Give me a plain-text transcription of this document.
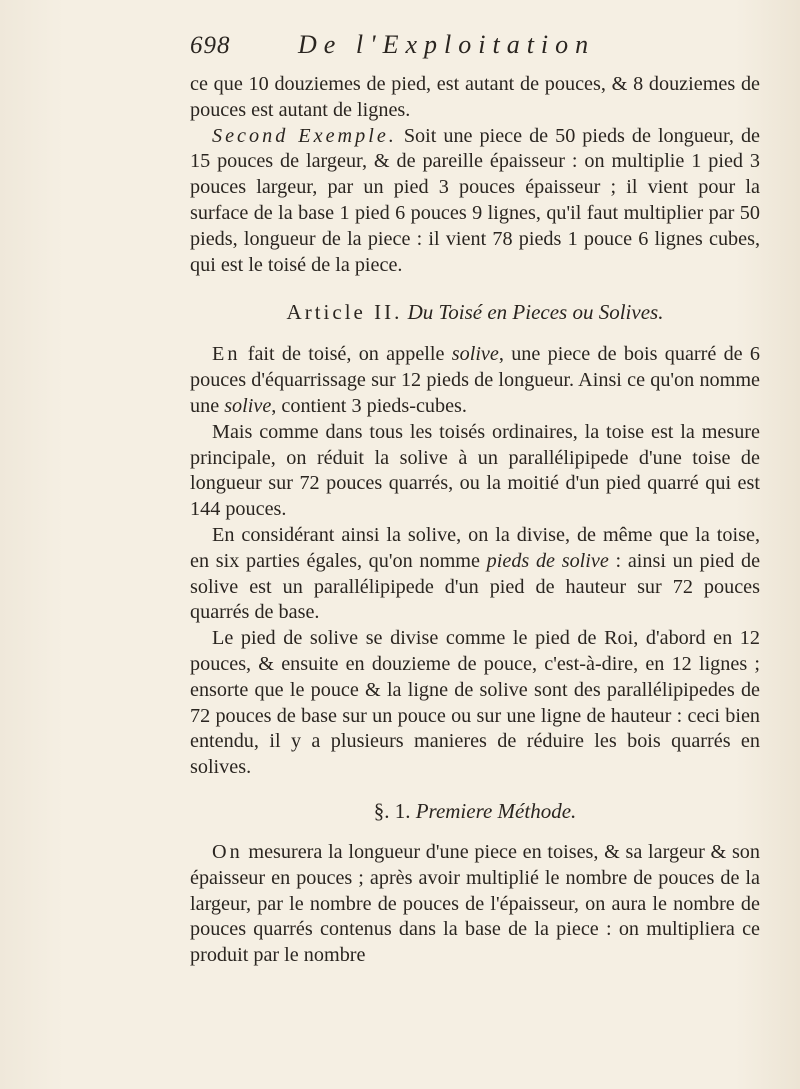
698	De l'Exploitation

ce que 10 douziemes de pied, est autant de pouces, & 8 douziemes de pouces est autant de lignes.

Second Exemple. Soit une piece de 50 pieds de longueur, de 15 pouces de largeur, & de pareille épaisseur : on multiplie 1 pied 3 pouces largeur, par un pied 3 pouces épaisseur ; il vient pour la surface de la base 1 pied 6 pouces 9 lignes, qu'il faut multiplier par 50 pieds, longueur de la piece : il vient 78 pieds 1 pouce 6 lignes cubes, qui est le toisé de la piece.

Article II. Du Toisé en Pieces ou Solives.

En fait de toisé, on appelle solive, une piece de bois quarré de 6 pouces d'équarrissage sur 12 pieds de longueur. Ainsi ce qu'on nomme une solive, contient 3 pieds-cubes.

Mais comme dans tous les toisés ordinaires, la toise est la mesure principale, on réduit la solive à un parallélipipede d'une toise de longueur sur 72 pouces quarrés, ou la moitié d'un pied quarré qui est 144 pouces.

En considérant ainsi la solive, on la divise, de même que la toise, en six parties égales, qu'on nomme pieds de solive : ainsi un pied de solive est un parallélipipede d'un pied de hauteur sur 72 pouces quarrés de base.

Le pied de solive se divise comme le pied de Roi, d'abord en 12 pouces, & ensuite en douzieme de pouce, c'est-à-dire, en 12 lignes ; ensorte que le pouce & la ligne de solive sont des parallélipipedes de 72 pouces de base sur un pouce ou sur une ligne de hauteur : ceci bien entendu, il y a plusieurs manieres de réduire les bois quarrés en solives.

§. 1. Premiere Méthode.

On mesurera la longueur d'une piece en toises, & sa largeur & son épaisseur en pouces ; après avoir multiplié le nombre de pouces de la largeur, par le nombre de pouces de l'épaisseur, on aura le nombre de pouces quarrés contenus dans la base de la piece : on multipliera ce produit par le nombre
